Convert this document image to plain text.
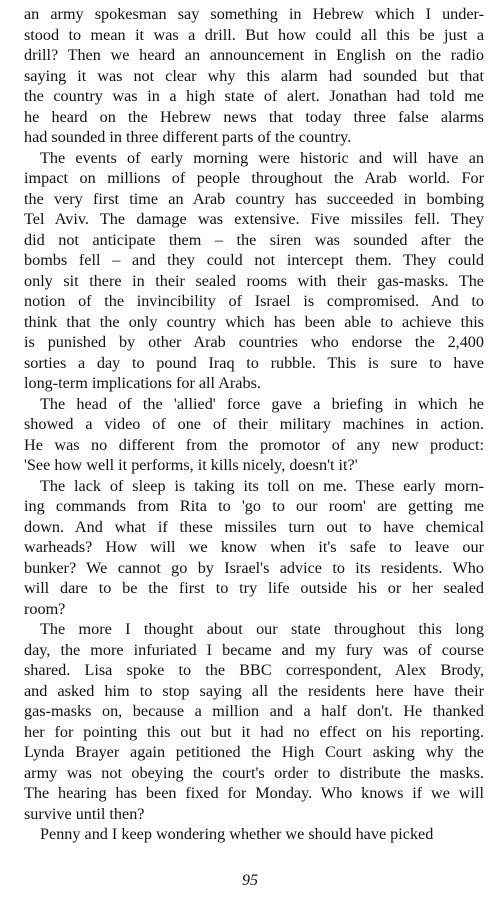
an army spokesman say something in Hebrew which I under-
stood to mean it was a drill. But how could all this be just a
drill? Then we heard an announcement in English on the radio
saying it was not clear why this alarm had sounded but that
the country was in a high state of alert. Jonathan had told me
he heard on the Hebrew news that today three false alarms
had sounded in three different parts of the country.

The events of early morning were historic and will have an
impact on millions of people throughout the Arab world. For
the very first time an Arab country has succeeded in bombing
Tel Aviv. The damage was extensive. Five missiles fell. They
did not anticipate them – the siren was sounded after the
bombs fell – and they could not intercept them. They could
only sit there in their sealed rooms with their gas-masks. The
notion of the invincibility of Israel is compromised. And to
think that the only country which has been able to achieve this
is punished by other Arab countries who endorse the 2,400
sorties a day to pound Iraq to rubble. This is sure to have
long-term implications for all Arabs.

The head of the 'allied' force gave a briefing in which he
showed a video of one of their military machines in action.
He was no different from the promotor of any new product:
'See how well it performs, it kills nicely, doesn't it?'

The lack of sleep is taking its toll on me. These early morn-
ing commands from Rita to 'go to our room' are getting me
down. And what if these missiles turn out to have chemical
warheads? How will we know when it's safe to leave our
bunker? We cannot go by Israel's advice to its residents. Who
will dare to be the first to try life outside his or her sealed
room?

The more I thought about our state throughout this long
day, the more infuriated I became and my fury was of course
shared. Lisa spoke to the BBC correspondent, Alex Brody,
and asked him to stop saying all the residents here have their
gas-masks on, because a million and a half don't. He thanked
her for pointing this out but it had no effect on his reporting.
Lynda Brayer again petitioned the High Court asking why the
army was not obeying the court's order to distribute the masks.
The hearing has been fixed for Monday. Who knows if we will
survive until then?

Penny and I keep wondering whether we should have picked

95
